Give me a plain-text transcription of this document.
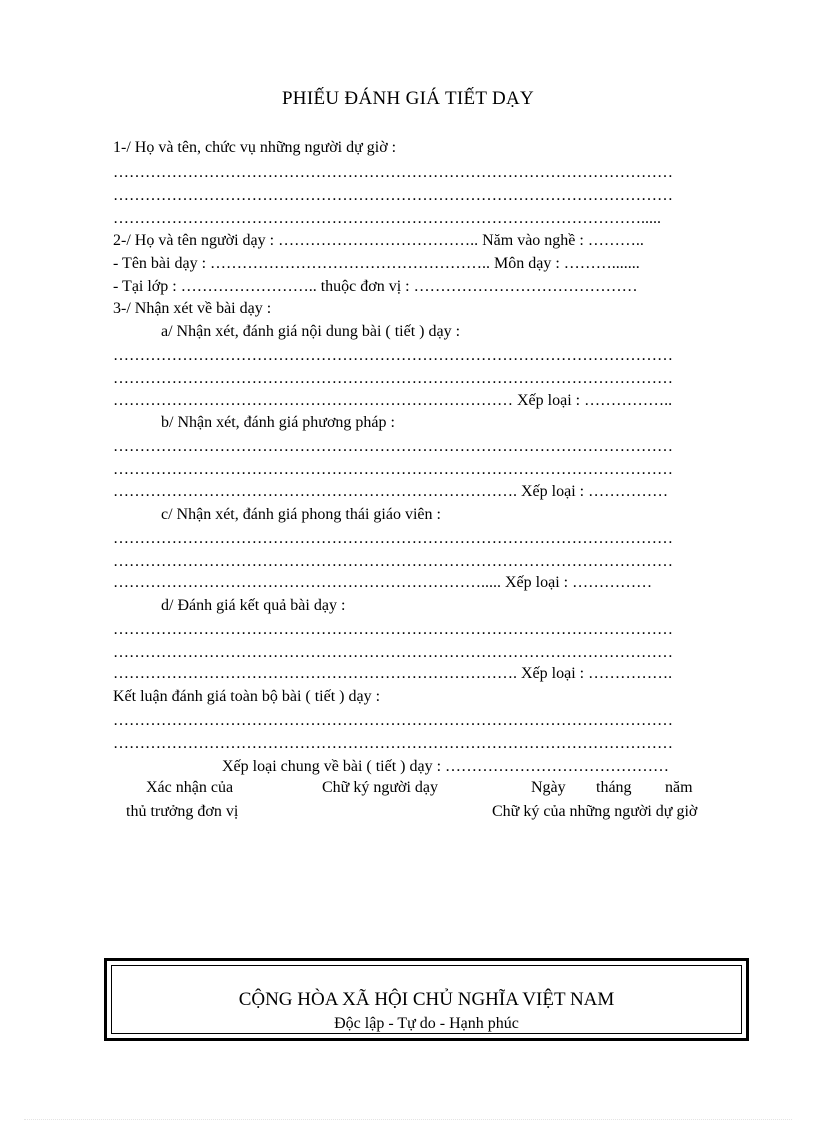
PHIẾU ĐÁNH GIÁ TIẾT DẠY
1-/ Họ và tên, chức vụ những người dự giờ :
……………………………………………………………………………………………
……………………………………………………………………………………………
……………………………………………………………………………………….....
2-/ Họ và tên người dạy : ……………………………….. Năm vào nghề : ………..
- Tên bài dạy : …………………………………………….. Môn dạy : ……….......
- Tại lớp : …………………….. thuộc đơn vị : ……………………………………
3-/ Nhận xét về bài dạy :
a/ Nhận xét, đánh giá nội dung bài ( tiết ) dạy :
……………………………………………………………………………………………
……………………………………………………………………………………………
………………………………………………………………… Xếp loại : ……………..
b/ Nhận xét, đánh giá phương pháp :
……………………………………………………………………………………………
……………………………………………………………………………………………
…………………………………………………………………. Xếp loại : ……………
c/ Nhận xét, đánh giá phong thái giáo viên :
……………………………………………………………………………………………
……………………………………………………………………………………………
……………………………………………………………..... Xếp loại : ……………
d/ Đánh giá kết quả bài dạy :
……………………………………………………………………………………………
……………………………………………………………………………………………
…………………………………………………………………. Xếp loại : …………….
Kết luận đánh giá toàn bộ bài ( tiết ) dạy :
……………………………………………………………………………………………
……………………………………………………………………………………………
Xếp loại chung về bài ( tiết ) dạy : ……………………………………
Xác nhận của
thủ trưởng đơn vị
Chữ ký người dạy	Ngày tháng năm
Chữ ký của những người dự giờ
CỘNG HÒA XÃ HỘI CHỦ NGHĨA VIỆT NAM
Độc lập - Tự do - Hạnh phúc
